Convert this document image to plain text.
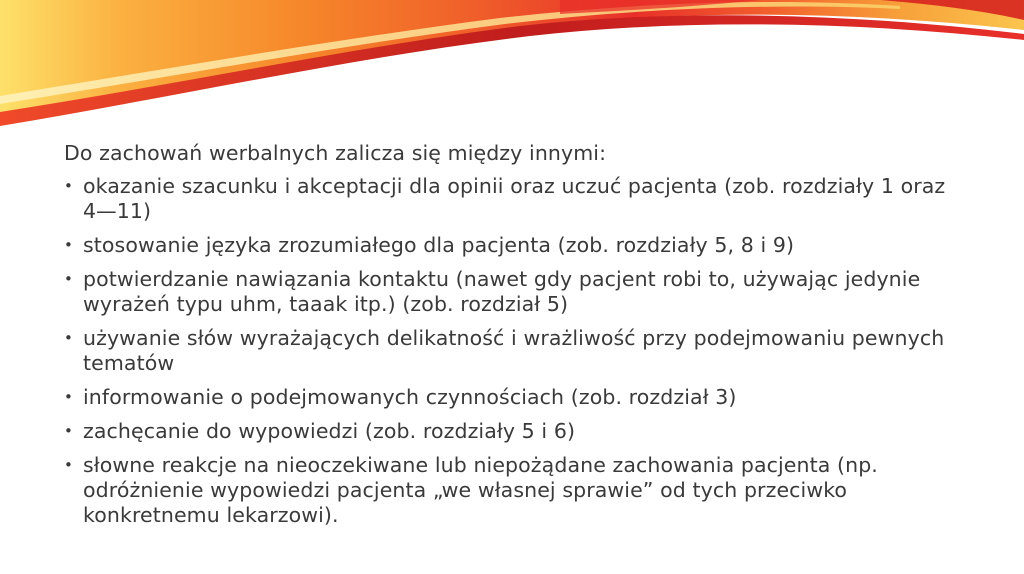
Do zachowań werbalnych zalicza się między innymi:

• okazanie szacunku i akceptacji dla opinii oraz uczuć pacjenta (zob. rozdziały 1 oraz 4—11)
• stosowanie języka zrozumiałego dla pacjenta (zob. rozdziały 5, 8 i 9)
• potwierdzanie nawiązania kontaktu (nawet gdy pacjent robi to, używając jedynie wyrażeń typu uhm, taaak itp.) (zob. rozdział 5)
• używanie słów wyrażających delikatność i wrażliwość przy podejmowaniu pewnych tematów
• informowanie o podejmowanych czynnościach (zob. rozdział 3)
• zachęcanie do wypowiedzi (zob. rozdziały 5 i 6)
• słowne reakcje na nieoczekiwane lub niepożądane zachowania pacjenta (np. odróżnienie wypowiedzi pacjenta „we własnej sprawie” od tych przeciwko konkretnemu lekarzowi).
